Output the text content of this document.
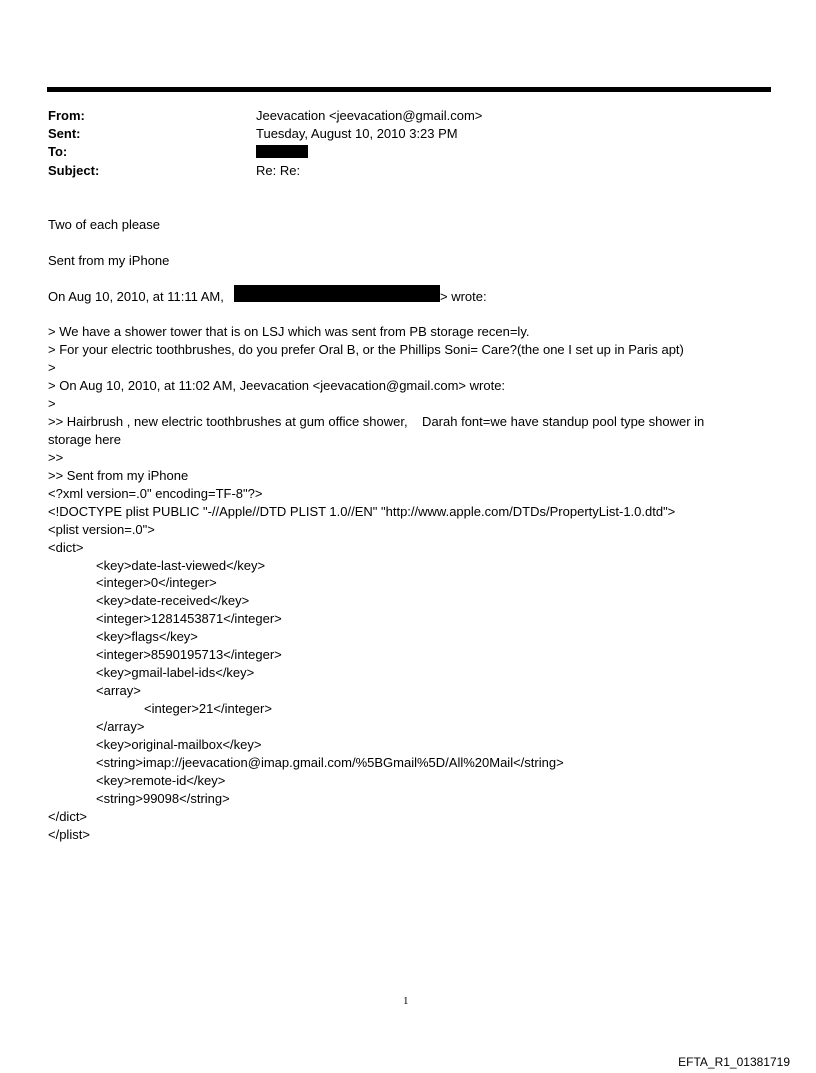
From:	Jeevacation <jeevacation@gmail.com>
Sent:	Tuesday, August 10, 2010 3:23 PM
To:
Subject:	Re: Re:
Two of each please
Sent from my iPhone
On Aug 10, 2010, at 11:11 AM,	> wrote:
> We have a shower tower that is on LSJ which was sent from PB storage recen=ly.
> For your electric toothbrushes, do you prefer Oral B, or the Phillips Soni= Care?(the one I set up in Paris apt)
>
> On Aug 10, 2010, at 11:02 AM, Jeevacation <jeevacation@gmail.com> wrote:
>
>> Hairbrush , new electric toothbrushes at gum office shower,    Darah font=we have standup pool type shower in
storage here
>>
>> Sent from my iPhone
<?xml version=.0" encoding=TF-8"?>
<!DOCTYPE plist PUBLIC "-//Apple//DTD PLIST 1.0//EN" "http://www.apple.com/DTDs/PropertyList-1.0.dtd">
<plist version=.0">
<dict>
<key>date-last-viewed</key>
<integer>0</integer>
<key>date-received</key>
<integer>1281453871</integer>
<key>flags</key>
<integer>8590195713</integer>
<key>gmail-label-ids</key>
<array>
<integer>21</integer>
</array>
<key>original-mailbox</key>
<string>imap://jeevacation@imap.gmail.com/%5BGmail%5D/All%20Mail</string>
<key>remote-id</key>
<string>99098</string>
</dict>
</plist>
1
EFTA_R1_01381719
